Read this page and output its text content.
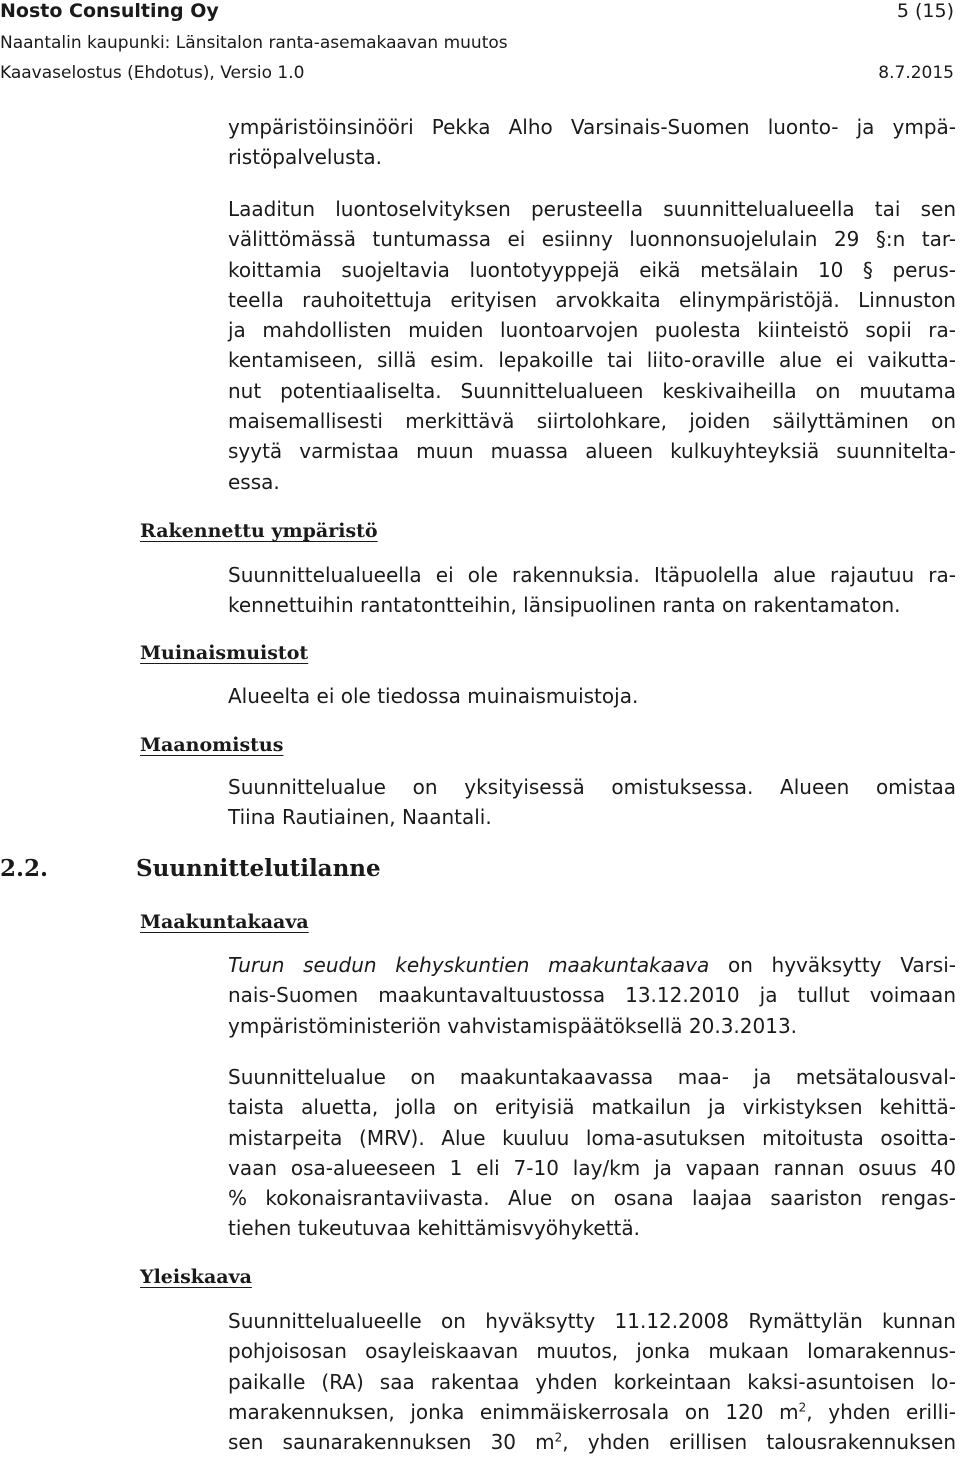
Nosto Consulting Oy	5 (15)
Naantalin kaupunki: Länsitalon ranta-asemakaavan muutos
Kaavaselostus (Ehdotus), Versio 1.0	8.7.2015
ympäristöinsinööri Pekka Alho Varsinais-Suomen luonto- ja ympä-
ristöpalvelusta.
Laaditun luontoselvityksen perusteella suunnittelualueella tai sen
välittömässä tuntumassa ei esiinny luonnonsuojelulain 29 §:n tar-
koittamia suojeltavia luontotyyppejä eikä metsälain 10 § perus-
teella rauhoitettuja erityisen arvokkaita elinympäristöjä. Linnuston
ja mahdollisten muiden luontoarvojen puolesta kiinteistö sopii ra-
kentamiseen, sillä esim. lepakoille tai liito-oraville alue ei vaikutta-
nut potentiaaliselta. Suunnittelualueen keskivaiheilla on muutama
maisemallisesti merkittävä siirtolohkare, joiden säilyttäminen on
syytä varmistaa muun muassa alueen kulkuyhteyksiä suunnitelta-
essa.
Rakennettu ympäristö
Suunnittelualueella ei ole rakennuksia. Itäpuolella alue rajautuu ra-
kennettuihin rantatontteihin, länsipuolinen ranta on rakentamaton.
Muinaismuistot
Alueelta ei ole tiedossa muinaismuistoja.
Maanomistus
Suunnittelualue on yksityisessä omistuksessa. Alueen omistaa
Tiina Rautiainen, Naantali.
2.2.	Suunnittelutilanne
Maakuntakaava
Turun seudun kehyskuntien maakuntakaava on hyväksytty Varsi-
nais-Suomen maakuntavaltuustossa 13.12.2010 ja tullut voimaan
ympäristöministeriön vahvistamispäätöksellä 20.3.2013.
Suunnittelualue on maakuntakaavassa maa- ja metsätalousval-
taista aluetta, jolla on erityisiä matkailun ja virkistyksen kehittä-
mistarpeita (MRV). Alue kuuluu loma-asutuksen mitoitusta osoitta-
vaan osa-alueeseen 1 eli 7-10 lay/km ja vapaan rannan osuus 40
% kokonaisrantaviivasta. Alue on osana laajaa saariston rengas-
tiehen tukeutuvaa kehittämisvyöhykettä.
Yleiskaava
Suunnittelualueelle on hyväksytty 11.12.2008 Rymättylän kunnan
pohjoisosan osayleiskaavan muutos, jonka mukaan lomarakennus-
paikalle (RA) saa rakentaa yhden korkeintaan kaksi-asuntoisen lo-
marakennuksen, jonka enimmäiskerrosala on 120 $m^2$, yhden erilli-
sen saunarakennuksen 30 $m^2$, yhden erillisen talousrakennuksen
